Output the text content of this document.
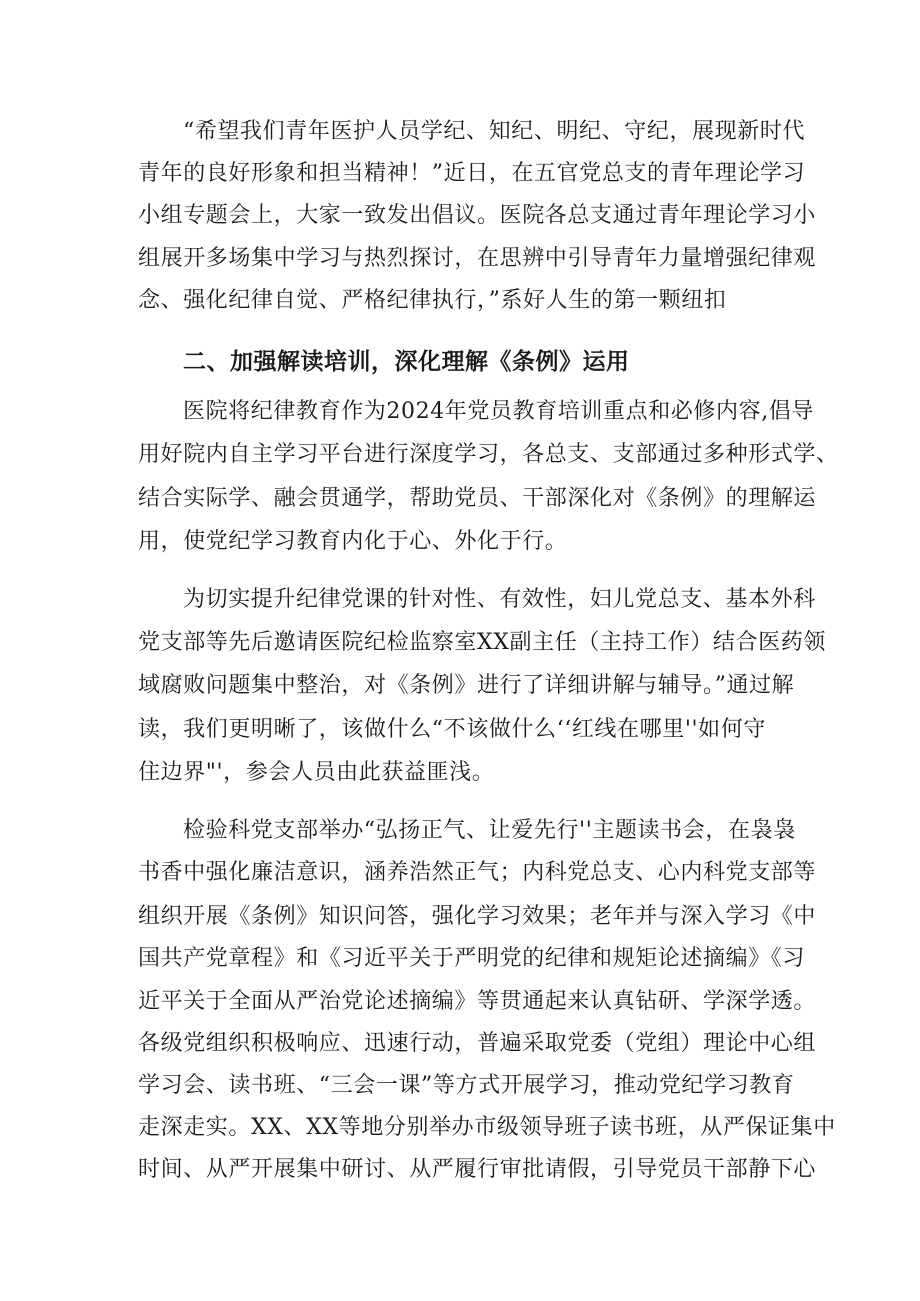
“希望我们青年医护人员学纪、知纪、明纪、守纪，展现新时代
青年的良好形象和担当精神！”近日，在五官党总支的青年理论学习
小组专题会上，大家一致发出倡议。医院各总支通过青年理论学习小
组展开多场集中学习与热烈探讨，在思辨中引导青年力量增强纪律观
念、强化纪律自觉、严格纪律执行，”系好人生的第一颗纽扣
二、加强解读培训，深化理解《条例》运用
医院将纪律教育作为2024年党员教育培训重点和必修内容,倡导
用好院内自主学习平台进行深度学习，各总支、支部通过多种形式学、
结合实际学、融会贯通学，帮助党员、干部深化对《条例》的理解运
用，使党纪学习教育内化于心、外化于行。
为切实提升纪律党课的针对性、有效性，妇儿党总支、基本外科
党支部等先后邀请医院纪检监察室XX副主任（主持工作）结合医药领
域腐败问题集中整治，对《条例》进行了详细讲解与辅导。”通过解
读，我们更明晰了，该做什么“不该做什么‘‘红线在哪里''如何守
住边界"'，参会人员由此获益匪浅。
检验科党支部举办“弘扬正气、让爱先行''主题读书会，在袅袅
书香中强化廉洁意识，涵养浩然正气；内科党总支、心内科党支部等
组织开展《条例》知识问答，强化学习效果；老年并与深入学习《中
国共产党章程》和《习近平关于严明党的纪律和规矩论述摘编》《习
近平关于全面从严治党论述摘编》等贯通起来认真钻研、学深学透。
各级党组织积极响应、迅速行动，普遍采取党委（党组）理论中心组
学习会、读书班、“三会一课”等方式开展学习，推动党纪学习教育
走深走实。XX、XX等地分别举办市级领导班子读书班，从严保证集中
时间、从严开展集中研讨、从严履行审批请假，引导党员干部静下心
